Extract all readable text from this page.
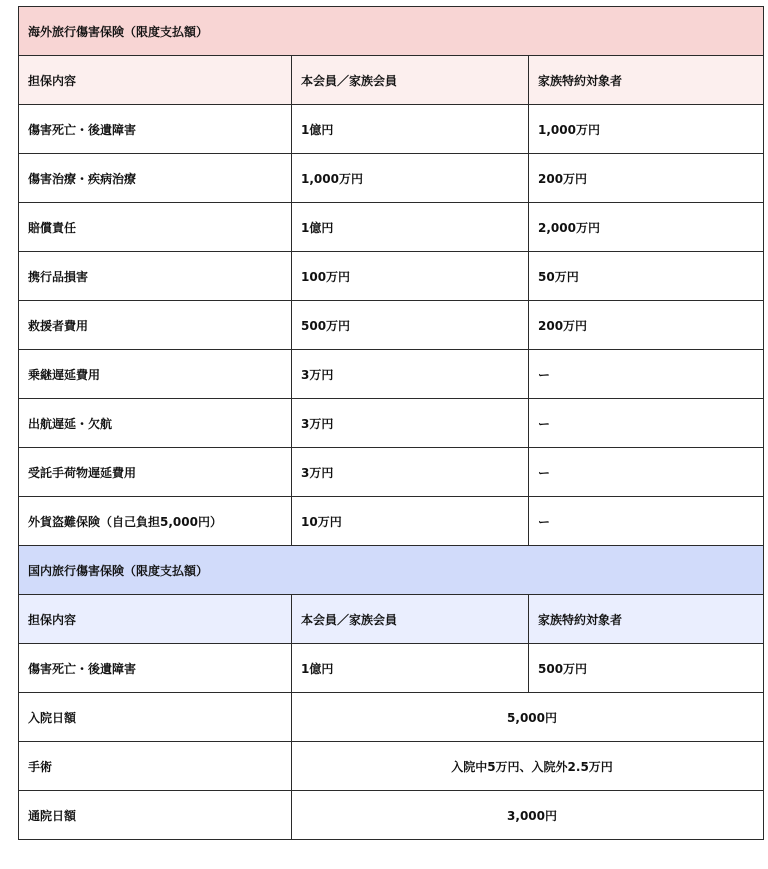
海外旅行傷害保険（限度支払額）		
担保内容	本会員／家族会員	家族特約対象者
傷害死亡・後遺障害	1億円	1,000万円
傷害治療・疾病治療	1,000万円	200万円
賠償責任	1億円	2,000万円
携行品損害	100万円	50万円
救援者費用	500万円	200万円
乗継遅延費用	3万円	ー
出航遅延・欠航	3万円	ー
受託手荷物遅延費用	3万円	ー
外貨盗難保険（自己負担5,000円）	10万円	ー
国内旅行傷害保険（限度支払額）		
担保内容	本会員／家族会員	家族特約対象者
傷害死亡・後遺障害	1億円	500万円
入院日額	5,000円	
手術	入院中5万円、入院外2.5万円	
通院日額	3,000円	
